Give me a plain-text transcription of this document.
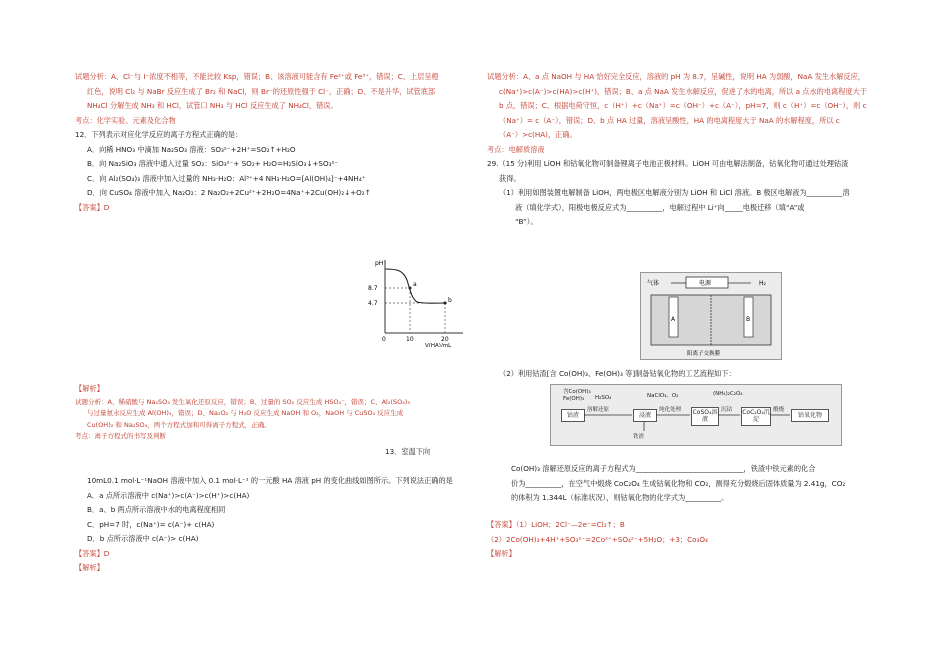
试题分析：A、Cl⁻与 I⁻浓度不相等，不能比较 Ksp，错误；B、该溶液可能含有 Fe²⁺或 Fe³⁺，错误；C、上层呈橙
红色，说明 Cl₂ 与 NaBr 反应生成了 Br₂ 和 NaCl，则 Br⁻的还原性强于 Cl⁻，正确；D、不是升华，试管底部
NH₄Cl 分解生成 NH₃ 和 HCl，试管口 NH₃ 与 HCl 反应生成了 NH₄Cl，错误。
考点：化学实验、元素及化合物
12．下列表示对应化学反应的离子方程式正确的是：
A．向稀 HNO₃ 中滴加 Na₂SO₃ 溶液：SO₃²⁻+2H⁺=SO₂↑+H₂O
B．向 Na₂SiO₃ 溶液中通入过量 SO₂：SiO₃²⁻+ SO₂+ H₂O=H₂SiO₃↓+SO₃²⁻
C．向 Al₂(SO₄)₃ 溶液中加入过量的 NH₃·H₂O：Al³⁺+4 NH₃·H₂O=[Al(OH)₄]⁻+4NH₄⁺
D．向 CuSO₄ 溶液中加入 Na₂O₂：2 Na₂O₂+2Cu²⁺+2H₂O=4Na⁺+2Cu(OH)₂↓+O₂↑
【答案】D
pH
8.7
4.7
0	10	20
V(HA)/mL
a
b
【解析】
试题分析：A、稀硝酸与 Na₂SO₃ 发生氧化还原反应，错误；B、过量的 SO₂ 反应生成 HSO₃⁻，错误；C、Al₂(SO₄)₃
与过量氨水反应生成 Al(OH)₃，错误；D、Na₂O₂ 与 H₂O 反应生成 NaOH 和 O₂，NaOH 与 CuSO₄ 反应生成
Cu(OH)₂ 和 Na₂SO₄，两个方程式加和可得离子方程式，正确。
考点：离子方程式的书写及判断
13．室温下向
10mL0.1 mol·L⁻¹NaOH 溶液中加入 0.1 mol·L⁻¹ 的一元酸 HA 溶液 pH 的变化曲线如图所示。下列说法正确的是
A．a 点所示溶液中 c(Na⁺)>c(A⁻)>c(H⁺)>c(HA)
B．a、b 两点所示溶液中水的电离程度相同
C．pH=7 时，c(Na⁺)= c(A⁻)+ c(HA)
D．b 点所示溶液中 c(A⁻)> c(HA)
【答案】D
【解析】
试题分析：A、a 点 NaOH 与 HA 恰好完全反应，溶液的 pH 为 8.7，呈碱性，说明 HA 为弱酸，NaA 发生水解反应，
c(Na⁺)>c(A⁻)>c(HA)>c(H⁺)，错误；B、a 点 NaA 发生水解反应，促进了水的电离，所以 a 点水的电离程度大于
b 点，错误；C、根据电荷守恒，c（H⁺）+c（Na⁺）=c（OH⁻）+c（A⁻），pH=7，则 c（H⁺）=c（OH⁻），则 c
（Na⁺）= c（A⁻），错误；D、b 点 HA 过量，溶液呈酸性，HA 的电离程度大于 NaA 的水解程度，所以 c
（A⁻）>c(HA)，正确。
考点：电解质溶液
29.（15 分)利用 LiOH 和钴氧化物可制备锂离子电池正极材料。LiOH 可由电解法制备，钴氧化物可通过处理钴渣
获得。
（1）利用如图装置电解制备 LiOH，两电极区电解液分别为 LiOH 和 LiCl 溶液。B 极区电解液为__________溶
液（填化学式），阳极电极反应式为__________，电解过程中 Li⁺向_____电极迁移（填“A”或
“B”）。
气体	电源	H₂
A	B
阳离子交换膜
（2）利用钴渣[含 Co(OH)₃、Fe(OH)₃ 等]制备钴氧化物的工艺流程如下：
含Co(OH)₃
Fe(OH)₃	H₂SO₄
钴渣
溶解还原
NaClO₃、O₂
浸液
铁渣
纯化处理
(NH₄)₂C₂O₄
CoSO₄溶液
沉钴 CoC₂O₄沉淀
煅烧
钴氧化物
Co(OH)₃ 溶解还原反应的离子方程式为______________________________，铁渣中铁元素的化合
价为__________，在空气中煅烧 CoC₂O₄ 生成钴氧化物和 CO₂，测得充分煅烧后固体质量为 2.41g，CO₂
的体积为 1.344L（标准状况），则钴氧化物的化学式为__________。
【答案】（1）LiOH；2Cl⁻—2e⁻=Cl₂↑；B
（2）2Co(OH)₃+4H⁺+SO₃²⁻=2Co²⁺+SO₄²⁻+5H₂O；+3；Co₃O₄
【解析】
